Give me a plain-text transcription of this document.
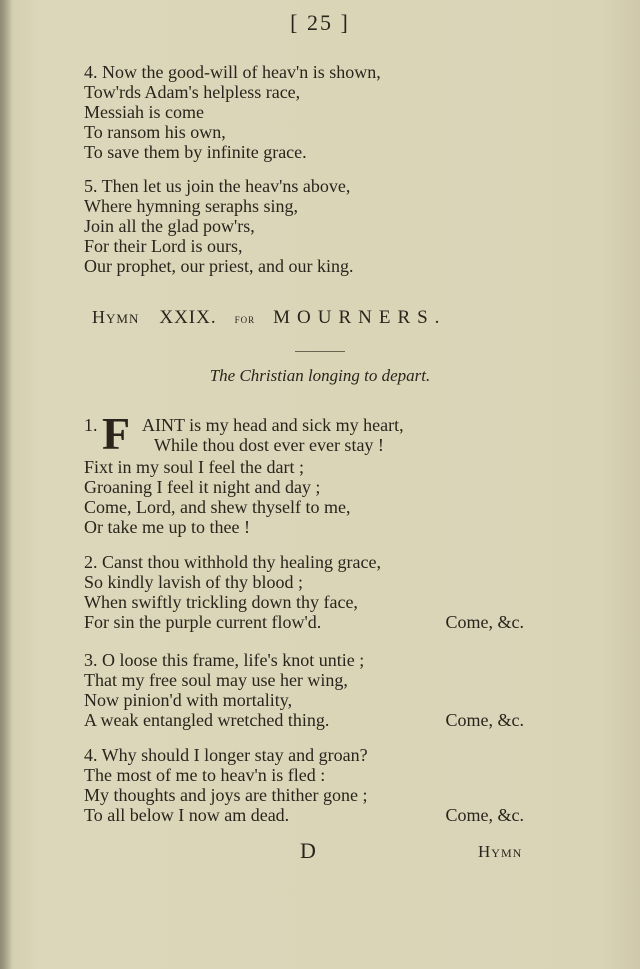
[ 25 ]
4. Now the good-will of heav'n is shown,
Tow'rds Adam's helpless race,
Messiah is come
To ransom his own,
To save them by infinite grace.
5. Then let us join the heav'ns above,
Where hymning seraphs sing,
Join all the glad pow'rs,
For their Lord is ours,
Our prophet, our priest, and our king.
Hymn XXIX. for MOURNERS.
The Christian longing to depart.
1. F AINT is my head and sick my heart,
While thou dost ever ever stay !
Fixt in my soul I feel the dart ;
Groaning I feel it night and day ;
Come, Lord, and shew thyself to me,
Or take me up to thee !
2. Canst thou withhold thy healing grace,
So kindly lavish of thy blood ;
When swiftly trickling down thy face,
For sin the purple current flow'd.	Come, &c.
3. O loose this frame, life's knot untie ;
That my free soul may use her wing,
Now pinion'd with mortality,
A weak entangled wretched thing.	Come, &c.
4. Why should I longer stay and groan?
The most of me to heav'n is fled :
My thoughts and joys are thither gone ;
To all below I now am dead.	Come, &c.
D	Hymn
